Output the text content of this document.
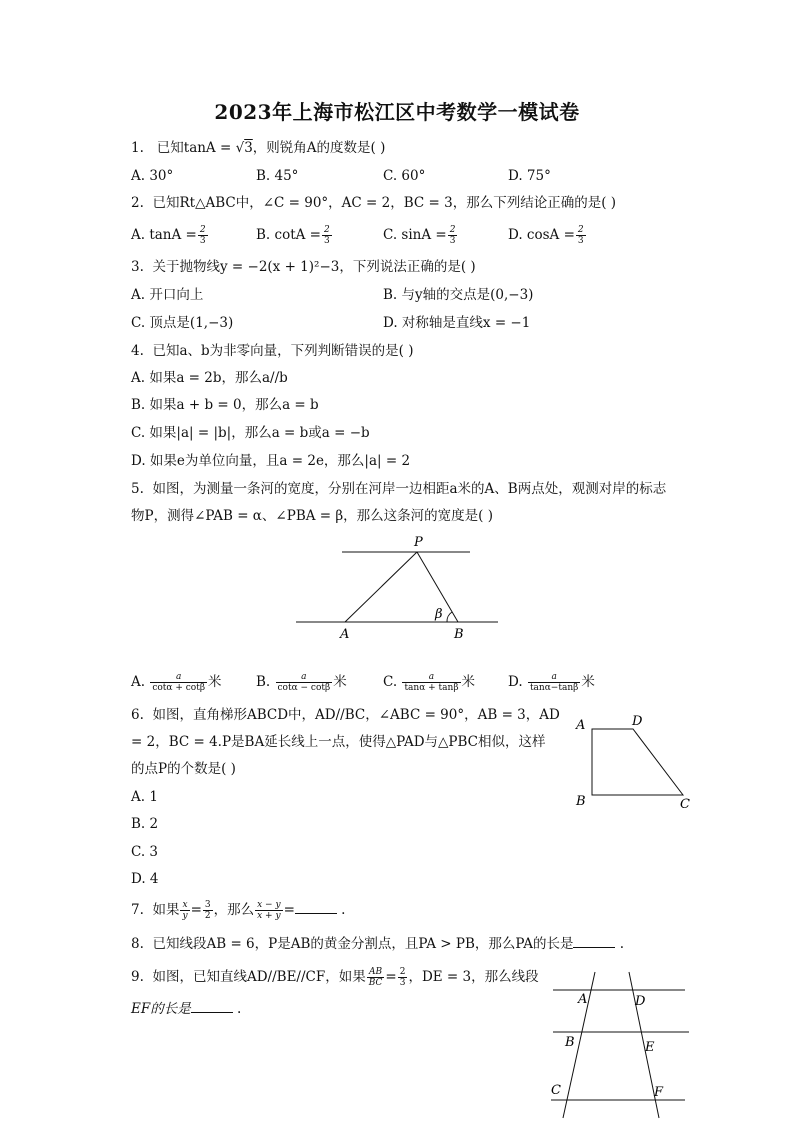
2023年上海市松江区中考数学一模试卷
1. 已知tanA = √3，则锐角A的度数是( )
A. 30°	B. 45°	C. 60°	D. 75°
2. 已知Rt△ABC中，∠C = 90°，AC = 2，BC = 3，那么下列结论正确的是( )
A. $\tan A = \frac{2}{3}$	B. $\cot A = \frac{2}{3}$	C. $\sin A = \frac{2}{3}$	D. $\cos A = \frac{2}{3}$
3. 关于抛物线y = −2(x + 1)²−3，下列说法正确的是( )
A. 开口向上	B. 与y轴的交点是(0,−3)
C. 顶点是(1,−3)	D. 对称轴是直线x = −1
4. 已知a、b为非零向量，下列判断错误的是( )
A. 如果a = 2b，那么a//b
B. 如果a + b = 0，那么a = b
C. 如果|a| = |b|，那么a = b或a = −b
D. 如果e为单位向量，且a = 2e，那么|a| = 2
5. 如图，为测量一条河的宽度，分别在河岸一边相距a米的A、B两点处，观测对岸的标志
物P，测得∠PAB = α、∠PBA = β，那么这条河的宽度是( )
P
A	B
β
A. $\frac{a}{\cot\alpha + \cot\beta}$ 米	B. $\frac{a}{\cot\alpha - \cot\beta}$ 米	C. $\frac{a}{\tan\alpha + \tan\beta}$ 米 D. $\frac{a}{\tan\alpha-\tan\beta}$ 米
6. 如图，直角梯形ABCD中，AD//BC，∠ABC = 90°，AB = 3，AD
= 2，BC = 4.P是BA延长线上一点，使得△PAD与△PBC相似，这样
的点P的个数是( )
A. 1
B. 2
C. 3
D. 4
A	D
B	C
7. 如果 $\frac{x}{y} = \frac{3}{2}$ ，那么 $\frac{x - y}{x + y}$ =	.
8. 已知线段AB = 6，P是AB的黄金分割点，且PA > PB，那么PA的长是	.
9. 如图，已知直线AD//BE//CF，如果 $\frac{AB}{BC} = \frac{2}{3}$ ，DE = 3，那么线段
EF的长是	.
A	D
B	E
C	F
